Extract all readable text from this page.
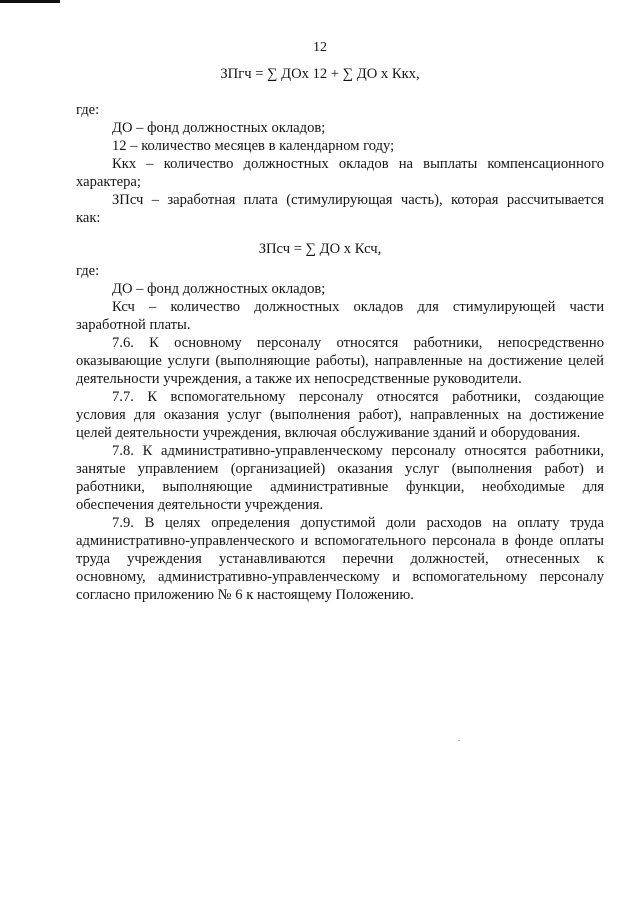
12
ЗПгч = ∑ ДОх 12 + ∑ ДО х Ккх,
где:
ДО – фонд должностных окладов;
12 – количество месяцев в календарном году;
Ккх – количество должностных окладов на выплаты компенсационного
характера;
ЗПсч – заработная плата (стимулирующая часть), которая рассчитывается
как:
ЗПсч = ∑ ДО х Ксч,
где:
ДО – фонд должностных окладов;
Ксч – количество должностных окладов для стимулирующей части
заработной платы.
7.6. К основному персоналу относятся работники, непосредственно
оказывающие услуги (выполняющие работы), направленные на достижение целей
деятельности учреждения, а также их непосредственные руководители.
7.7. К вспомогательному персоналу относятся работники, создающие
условия для оказания услуг (выполнения работ), направленных на достижение
целей деятельности учреждения, включая обслуживание зданий и оборудования.
7.8. К административно-управленческому персоналу относятся работники,
занятые управлением (организацией) оказания услуг (выполнения работ) и
работники, выполняющие административные функции, необходимые для
обеспечения деятельности учреждения.
7.9. В целях определения допустимой доли расходов на оплату труда
административно-управленческого и вспомогательного персонала в фонде оплаты
труда учреждения устанавливаются перечни должностей, отнесенных к
основному, административно-управленческому и вспомогательному персоналу
согласно приложению № 6 к настоящему Положению.
